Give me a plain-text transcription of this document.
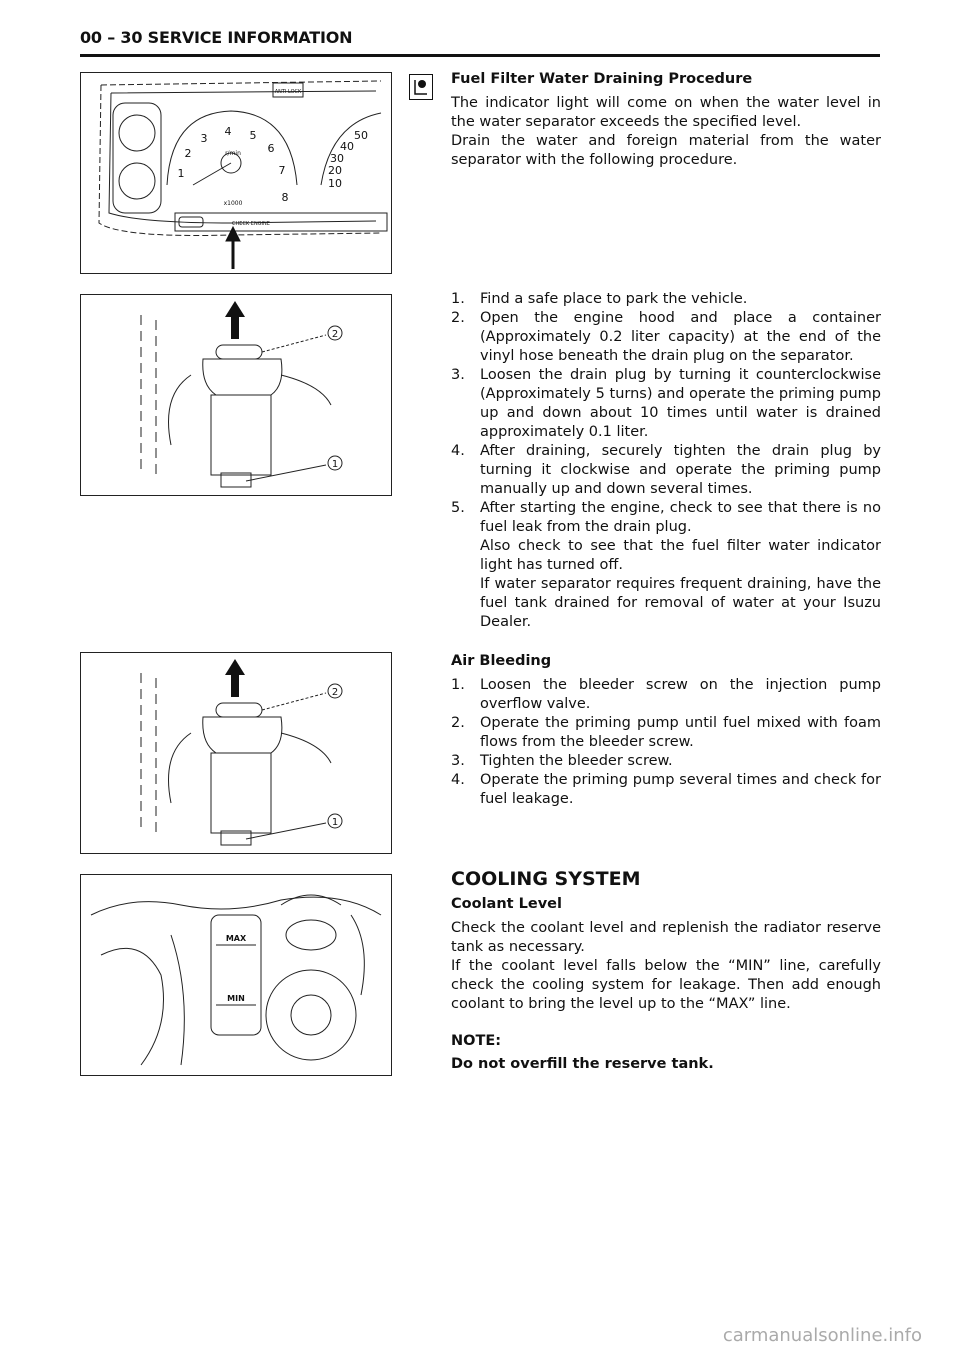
00 – 30 SERVICE INFORMATION
1
2
3
4 5
6
7
8
r/min
x1000
10
20
30
40
50
ANTI LOCK
CHECK ENGINE
2
1
2
1
MAX
MIN
Fuel Filter Water Draining Procedure

The indicator light will come on when the water level in the water separator exceeds the specified level.

Drain the water and foreign material from the water separator with the following procedure.

1. Find a safe place to park the vehicle.
2. Open the engine hood and place a container (Approximately 0.2 liter capacity) at the end of the vinyl hose beneath the drain plug on the separator.
3. Loosen the drain plug by turning it counterclockwise (Approximately 5 turns) and operate the priming pump up and down about 10 times until water is drained approximately 0.1 liter.
4. After draining, securely tighten the drain plug by turning it clockwise and operate the priming pump manually up and down several times.
5. After starting the engine, check to see that there is no fuel leak from the drain plug.
Also check to see that the fuel filter water indicator light has turned off.
If water separator requires frequent draining, have the fuel tank drained for removal of water at your Isuzu Dealer.
Air Bleeding
1. Loosen the bleeder screw on the injection pump overflow valve.
2. Operate the priming pump until fuel mixed with foam flows from the bleeder screw.
3. Tighten the bleeder screw.
4. Operate the priming pump several times and check for fuel leakage.
COOLING SYSTEM
Coolant Level

Check the coolant level and replenish the radiator reserve tank as necessary.

If the coolant level falls below the “MIN” line, carefully check the cooling system for leakage. Then add enough coolant to bring the level up to the “MAX” line.

NOTE:
Do not overfill the reserve tank.
carmanualsonline.info
